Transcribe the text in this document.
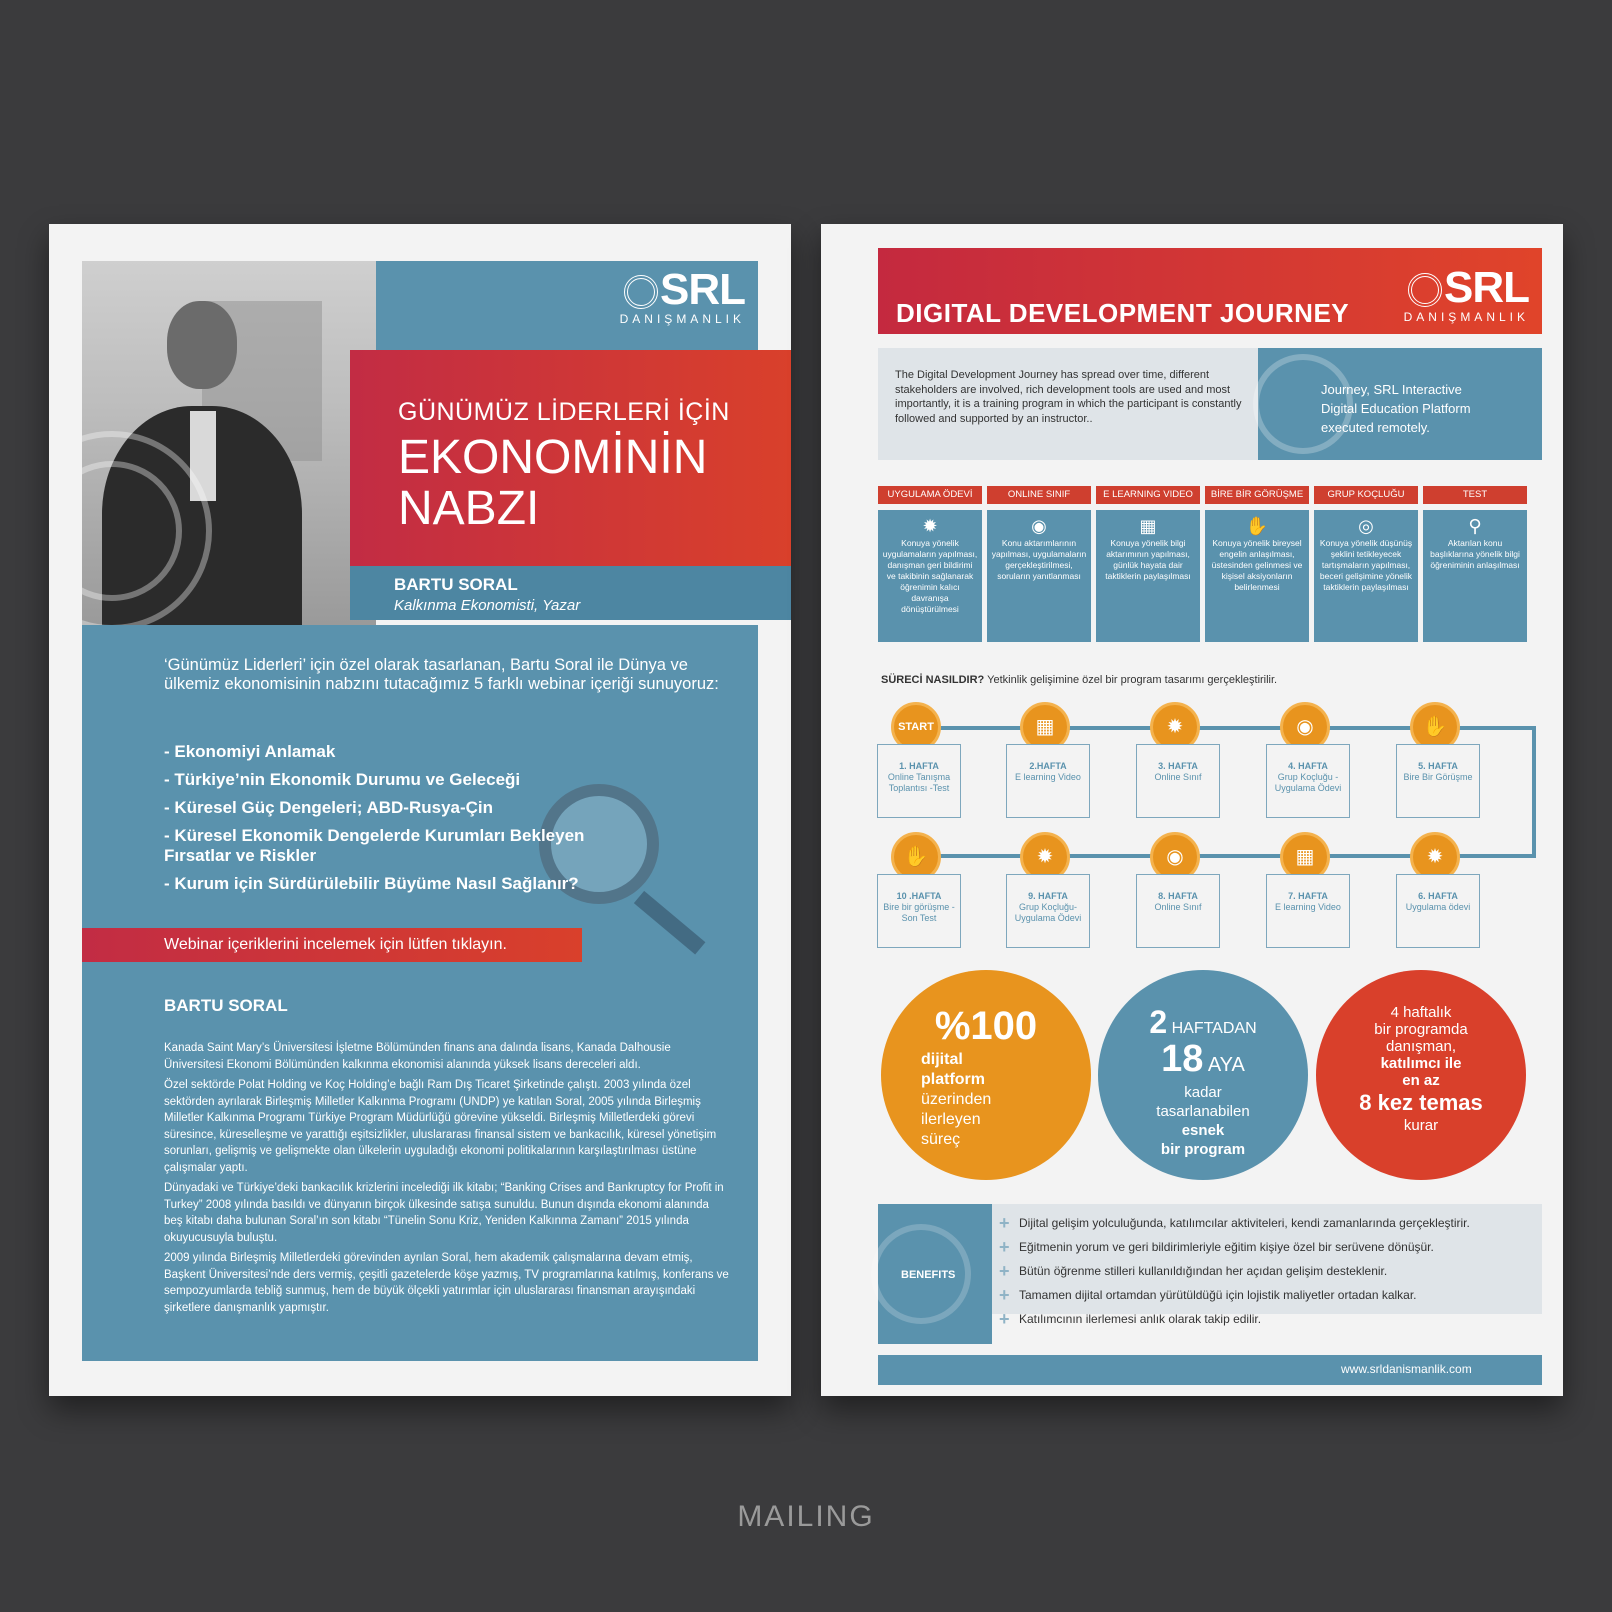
SRL
DANIŞMANLIK
GÜNÜMÜZ LİDERLERİ İÇİN
EKONOMİNİN
NABZI
BARTU SORAL
Kalkınma Ekonomisti, Yazar
‘Günümüz Liderleri’ için özel olarak tasarlanan, Bartu Soral ile Dünya ve ülkemiz ekonomisinin nabzını tutacağımız 5 farklı webinar içeriği sunuyoruz:
- Ekonomiyi Anlamak
- Türkiye’nin Ekonomik Durumu ve Geleceği
- Küresel Güç Dengeleri; ABD-Rusya-Çin
- Küresel Ekonomik Dengelerde Kurumları Bekleyen Fırsatlar ve Riskler
- Kurum için Sürdürülebilir Büyüme Nasıl Sağlanır?
Webinar içeriklerini incelemek için lütfen tıklayın.
BARTU SORAL

Kanada Saint Mary’s Üniversitesi İşletme Bölümünden finans ana dalında lisans, Kanada Dalhousie Üniversitesi Ekonomi Bölümünden kalkınma ekonomisi alanında yüksek lisans dereceleri aldı.

Özel sektörde Polat Holding ve Koç Holding’e bağlı Ram Dış Ticaret Şirketinde çalıştı. 2003 yılında özel sektörden ayrılarak Birleşmiş Milletler Kalkınma Programı (UNDP) ye katılan Soral, 2005 yılında Birleşmiş Milletler Kalkınma Programı Türkiye Program Müdürlüğü görevine yükseldi. Birleşmiş Milletlerdeki görevi süresince, küreselleşme ve yarattığı eşitsizlikler, uluslararası finansal sistem ve bankacılık, küresel yönetişim sorunları, gelişmiş ve gelişmekte olan ülkelerin uyguladığı ekonomi politikalarının karşılaştırılması üstüne çalışmalar yaptı.

Dünyadaki ve Türkiye’deki bankacılık krizlerini incelediği ilk kitabı; “Banking Crises and Bankruptcy for Profit in Turkey” 2008 yılında basıldı ve dünyanın birçok ülkesinde satışa sunuldu. Bunun dışında ekonomi alanında beş kitabı daha bulunan Soral’ın son kitabı “Tünelin Sonu Kriz, Yeniden Kalkınma Zamanı” 2015 yılında okuyucusuyla buluştu.

2009 yılında Birleşmiş Milletlerdeki görevinden ayrılan Soral, hem akademik çalışmalarına devam etmiş, Başkent Üniversitesi’nde ders vermiş, çeşitli gazetelerde köşe yazmış, TV programlarına katılmış, konferans ve sempozyumlarda tebliğ sunmuş, hem de büyük ölçekli yatırımlar için uluslararası finansman arayışındaki şirketlere danışmanlık yapmıştır.

DIGITAL DEVELOPMENT JOURNEY
SRL
DANIŞMANLIK
The Digital Development Journey has spread over time, different stakeholders are involved, rich development tools are used and most importantly, it is a training program in which the participant is constantly followed and supported by an instructor..
Journey, SRL Interactive Digital Education Platform executed remotely.
UYGULAMA ÖDEVİ
✹
Konuya yönelik uygulamaların yapılması, danışman geri bildirimi ve takibinin sağlanarak öğrenimin kalıcı davranışa dönüştürülmesi
ONLINE SINIF
◉
Konu aktarımlarının yapılması, uygulamaların gerçekleştirilmesi, soruların yanıtlanması
E LEARNING VIDEO
▦
Konuya yönelik bilgi aktarımının yapılması, günlük hayata dair taktiklerin paylaşılması
BİRE BİR GÖRÜŞME
✋
Konuya yönelik bireysel engelin anlaşılması, üstesinden gelinmesi ve kişisel aksiyonların belirlenmesi
GRUP KOÇLUĞU
◎
Konuya yönelik düşünüş şeklini tetikleyecek tartışmaların yapılması, beceri gelişimine yönelik taktiklerin paylaşılması
TEST
⚲
Aktarılan konu başlıklarına yönelik bilgi öğreniminin anlaşılması
SÜRECİ NASILDIR? Yetkinlik gelişimine özel bir program tasarımı gerçekleştirilir.
START	▦	✹	◉	✋
1. HAFTA
Online Tanışma Toplantısı -Test
2.HAFTA
E learning Video
3. HAFTA
Online Sınıf
4. HAFTA
Grup Koçluğu -Uygulama Ödevi
5. HAFTA
Bire Bir Görüşme
✋	✹	◉	▦	✹
10 .HAFTA
Bire bir görüşme -Son Test
9. HAFTA
Grup Koçluğu-Uygulama Ödevi
8. HAFTA
Online Sınıf
7. HAFTA
E learning Video
6. HAFTA
Uygulama ödevi
%100
dijital
platform
üzerinden
ilerleyen
süreç
2 HAFTADAN
18 AYA
kadar
tasarlanabilen
esnek
bir program
4 haftalık
bir programda
danışman,
katılımcı ile
en az
8 kez temas
kurar
BENEFITS
+ Dijital gelişim yolculuğunda, katılımcılar aktiviteleri, kendi zamanlarında gerçekleştirir.
+ Eğitmenin yorum ve geri bildirimleriyle eğitim kişiye özel bir serüvene dönüşür.
+ Bütün öğrenme stilleri kullanıldığından her açıdan gelişim desteklenir.
+ Tamamen dijital ortamdan yürütüldüğü için lojistik maliyetler ortadan kalkar.
+ Katılımcının ilerlemesi anlık olarak takip edilir.
www.srldanismanlik.com
MAILING
